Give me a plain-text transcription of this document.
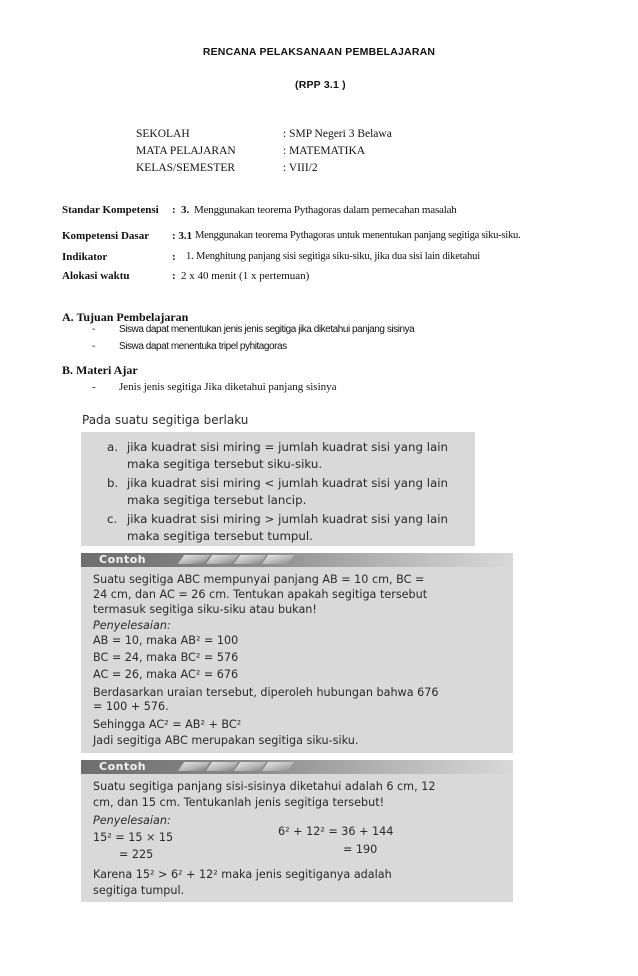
RENCANA PELAKSANAAN PEMBELAJARAN
(RPP 3.1 )
SEKOLAH	: SMP Negeri 3 Belawa
MATA PELAJARAN	: MATEMATIKA
KELAS/SEMESTER	: VIII/2
Standar Kompetensi : 3. Menggunakan teorema Pythagoras dalam pemecahan masalah
Kompetensi Dasar : 3.1 Menggunakan teorema Pythagoras untuk menentukan panjang segitiga siku-siku.
Indikator	: 1. Menghitung panjang sisi segitiga siku-siku, jika dua sisi lain diketahui
Alokasi waktu	: 2 x 40 menit (1 x pertemuan)
A. Tujuan Pembelajaran
- Siswa dapat menentukan jenis jenis segitiga jika diketahui panjang sisinya
- Siswa dapat menentuka tripel pyhitagoras
B. Materi Ajar
- Jenis jenis segitiga Jika diketahui panjang sisinya
Pada suatu segitiga berlaku
a. jika kuadrat sisi miring = jumlah kuadrat sisi yang lain
maka segitiga tersebut siku-siku.
b. jika kuadrat sisi miring < jumlah kuadrat sisi yang lain
maka segitiga tersebut lancip.
c. jika kuadrat sisi miring > jumlah kuadrat sisi yang lain
maka segitiga tersebut tumpul.
Contoh
Suatu segitiga ABC mempunyai panjang AB = 10 cm, BC =
24 cm, dan AC = 26 cm. Tentukan apakah segitiga tersebut
termasuk segitiga siku-siku atau bukan!
Penyelesaian:
AB = 10, maka AB² = 100
BC = 24, maka BC² = 576
AC = 26, maka AC² = 676
Berdasarkan uraian tersebut, diperoleh hubungan bahwa 676
= 100 + 576.
Sehingga AC² = AB² + BC²
Jadi segitiga ABC merupakan segitiga siku-siku.
Contoh
Suatu segitiga panjang sisi-sisinya diketahui adalah 6 cm, 12
cm, dan 15 cm. Tentukanlah jenis segitiga tersebut!
Penyelesaian:
15² = 15 × 15
= 225
6² + 12² = 36 + 144
= 190
Karena 15² > 6² + 12² maka jenis segitiganya adalah
segitiga tumpul.
